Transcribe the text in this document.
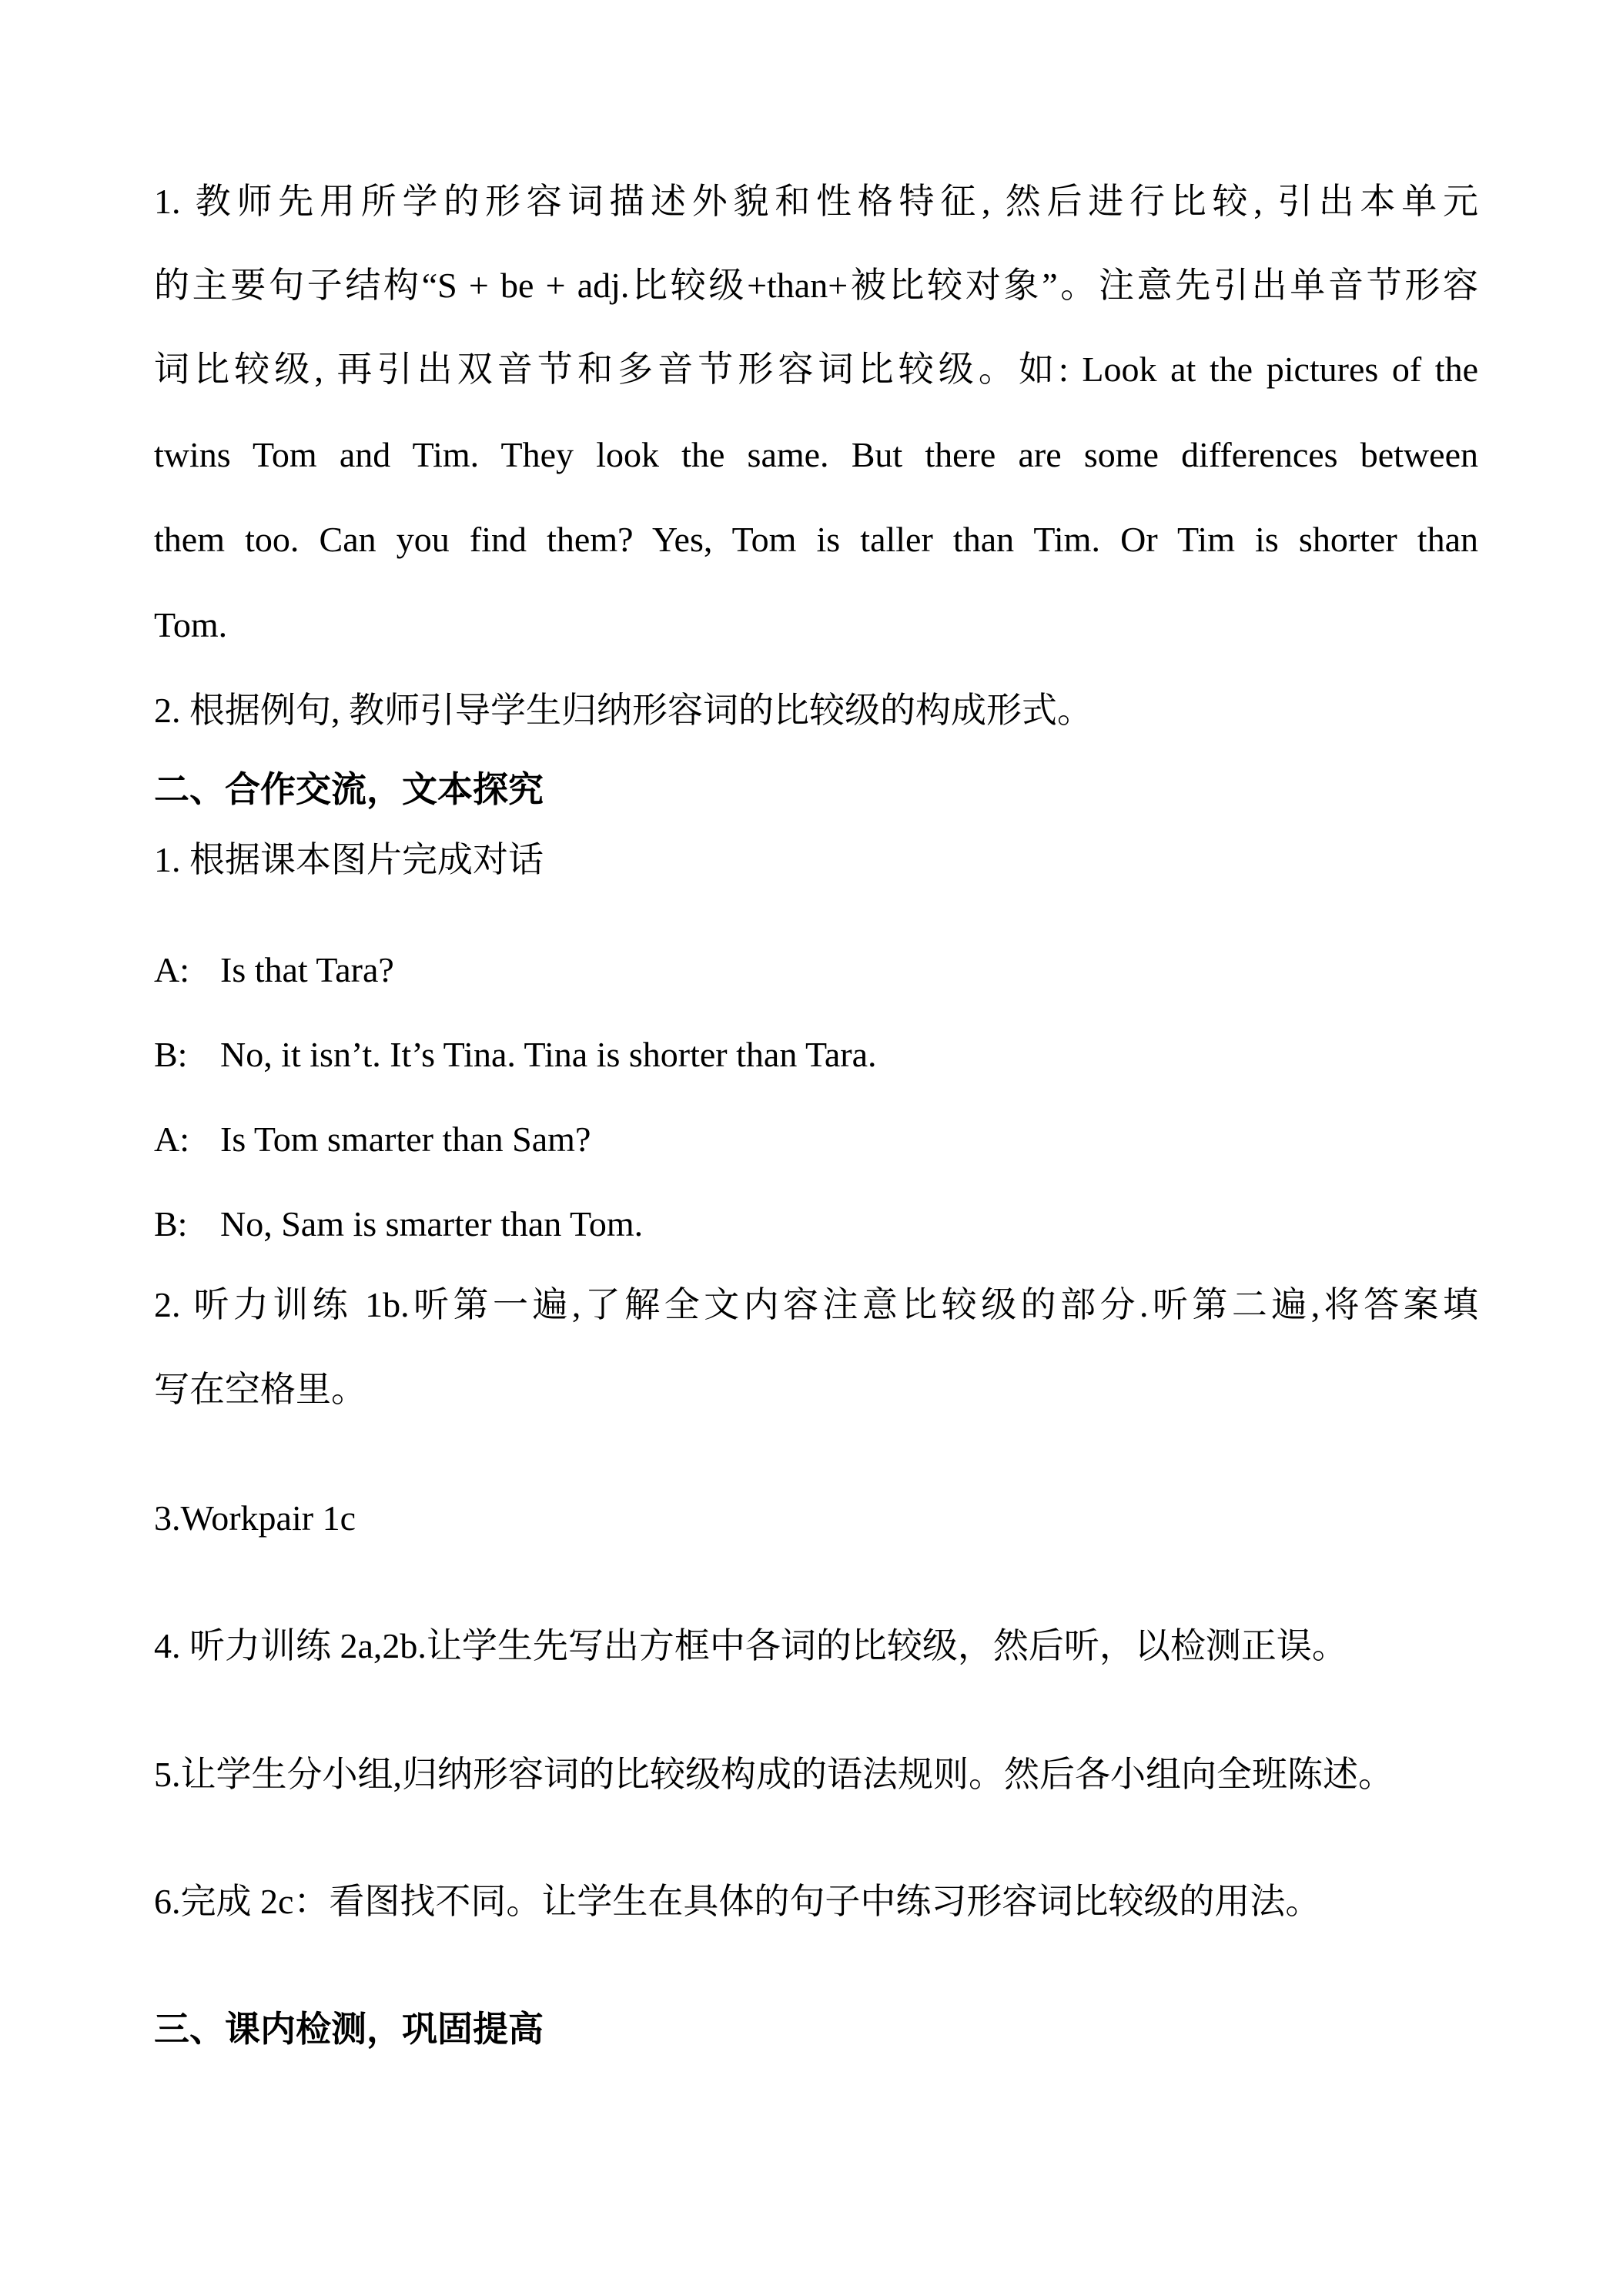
1. 教师先用所学的形容词描述外貌和性格特征, 然后进行比较, 引出本单元
的主要句子结构“S + be + adj.比较级+than+被比较对象”。注意先引出单音节形容
词比较级, 再引出双音节和多音节形容词比较级。如: Look at the pictures of the
twins Tom and Tim. They look the same. But there are some differences between
them too. Can you find them? Yes, Tom is taller than Tim. Or Tim is shorter than
Tom.
2. 根据例句, 教师引导学生归纳形容词的比较级的构成形式。
二、合作交流，文本探究
1. 根据课本图片完成对话
A: Is that Tara?
B: No, it isn’t. It’s Tina. Tina is shorter than Tara.
A: Is Tom smarter than Sam?
B: No, Sam is smarter than Tom.
2. 听力训练 1b.听第一遍,了解全文内容注意比较级的部分.听第二遍,将答案填
写在空格里。
3.Workpair 1c
4. 听力训练 2a,2b.让学生先写出方框中各词的比较级，然后听，以检测正误。
5.让学生分小组,归纳形容词的比较级构成的语法规则。然后各小组向全班陈述。
6.完成 2c：看图找不同。让学生在具体的句子中练习形容词比较级的用法。
三、课内检测，巩固提高
